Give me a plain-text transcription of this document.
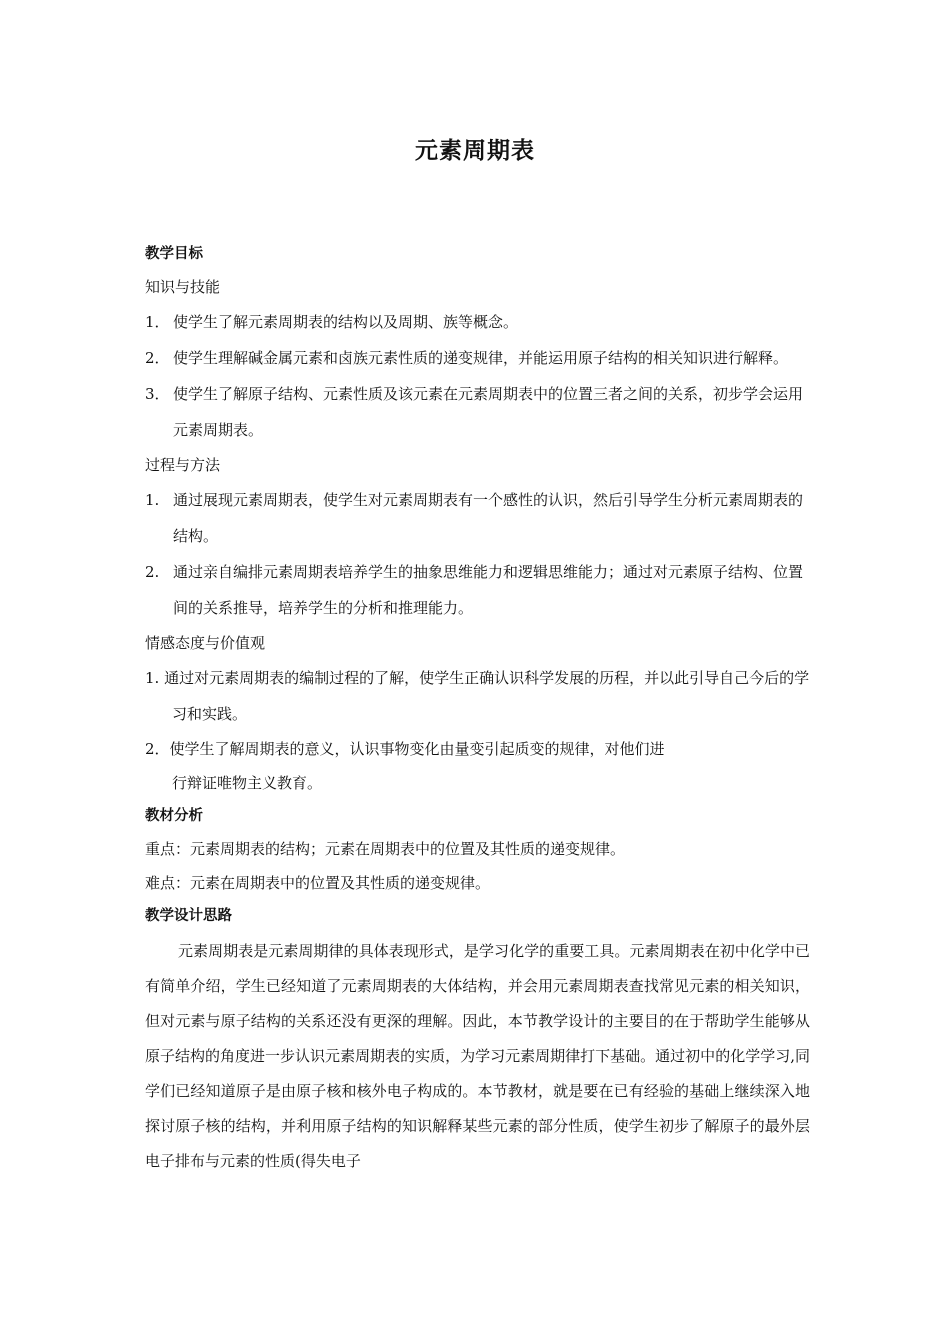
元素周期表
教学目标
知识与技能
1． 使学生了解元素周期表的结构以及周期、族等概念。
2． 使学生理解碱金属元素和卤族元素性质的递变规律，并能运用原子结构的相关知识进行解释。
3． 使学生了解原子结构、元素性质及该元素在元素周期表中的位置三者之间的关系，初步学会运用元素周期表。
过程与方法
1. 通过展现元素周期表，使学生对元素周期表有一个感性的认识，然后引导学生分析元素周期表的结构。
2. 通过亲自编排元素周期表培养学生的抽象思维能力和逻辑思维能力；通过对元素原子结构、位置间的关系推导，培养学生的分析和推理能力。
情感态度与价值观
1. 通过对元素周期表的编制过程的了解，使学生正确认识科学发展的历程，并以此引导自己今后的学习和实践。
2．使学生了解周期表的意义，认识事物变化由量变引起质变的规律，对他们进
行辩证唯物主义教育。
教材分析
重点：元素周期表的结构；元素在周期表中的位置及其性质的递变规律。
难点：元素在周期表中的位置及其性质的递变规律。
教学设计思路
元素周期表是元素周期律的具体表现形式，是学习化学的重要工具。元素周期表在初中化学中已有简单介绍，学生已经知道了元素周期表的大体结构，并会用元素周期表查找常见元素的相关知识，但对元素与原子结构的关系还没有更深的理解。因此，本节教学设计的主要目的在于帮助学生能够从原子结构的角度进一步认识元素周期表的实质，为学习元素周期律打下基础。通过初中的化学学习,同学们已经知道原子是由原子核和核外电子构成的。本节教材，就是要在已有经验的基础上继续深入地探讨原子核的结构，并利用原子结构的知识解释某些元素的部分性质，使学生初步了解原子的最外层电子排布与元素的性质(得失电子
